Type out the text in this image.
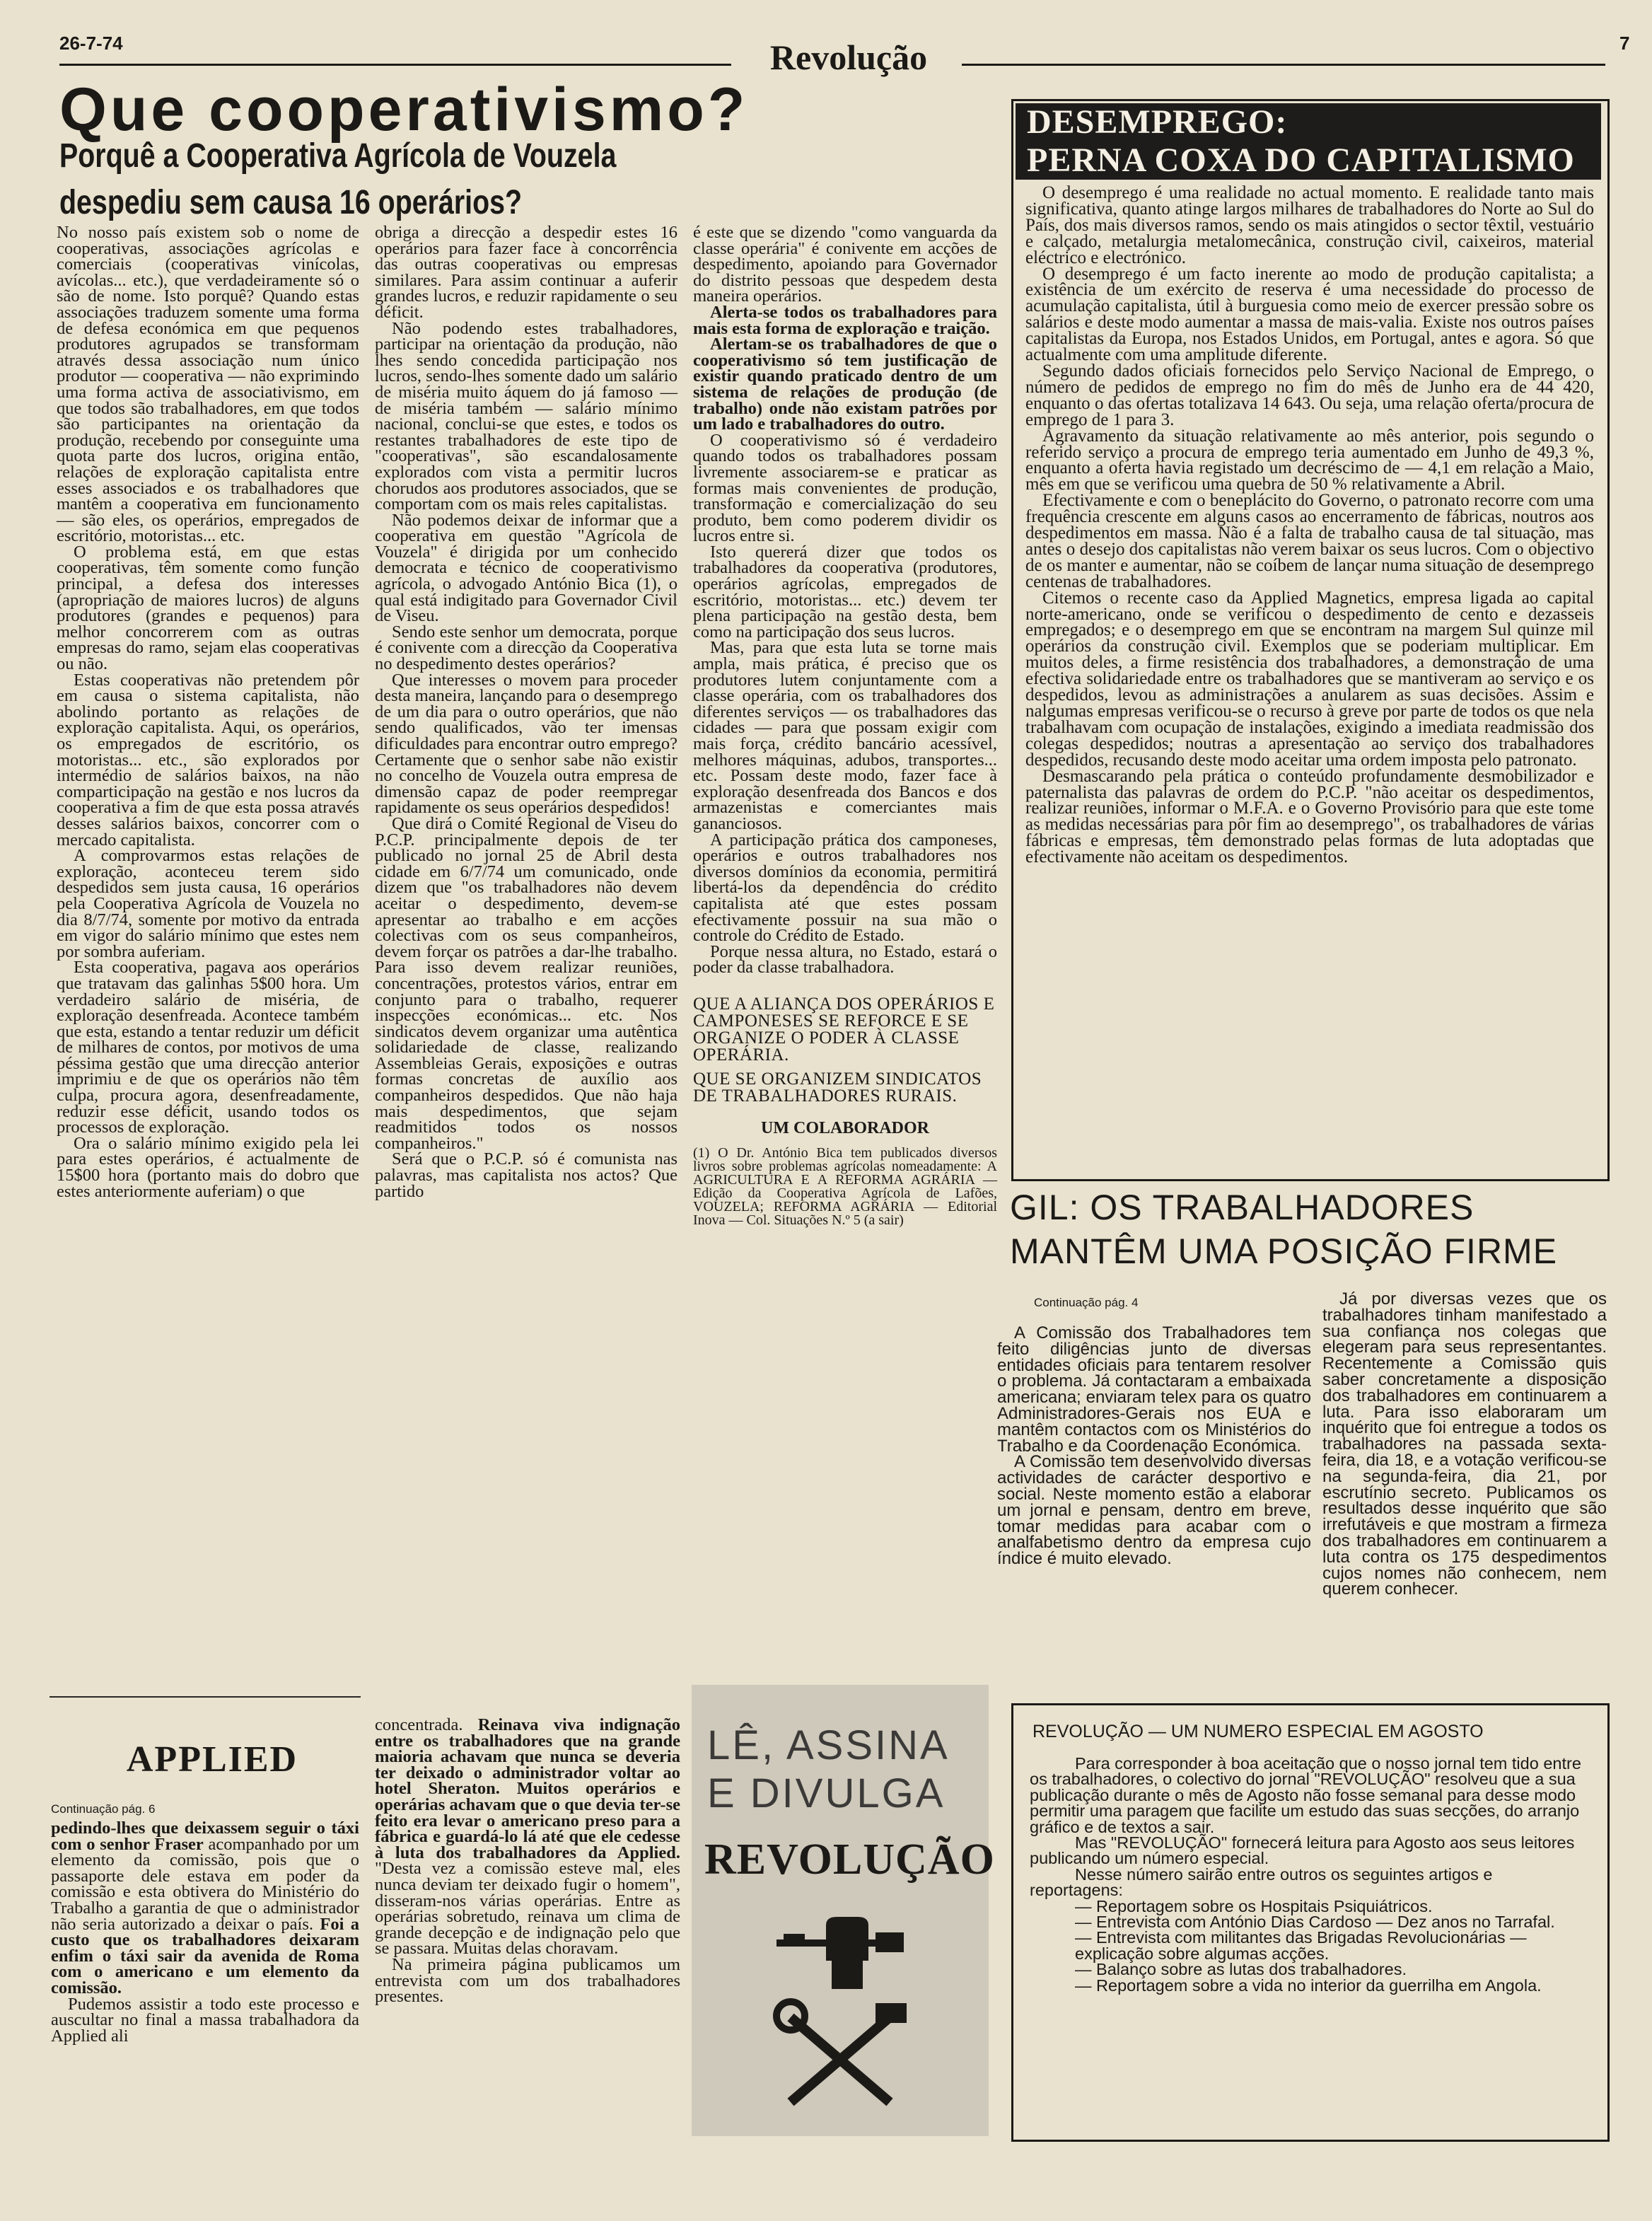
26-7-74	Revolução	7
Que cooperativismo?
Porquê a Cooperativa Agrícola de Vouzela
despediu sem causa 16 operários?

No nosso país existem sob o nome de cooperativas, associações agrícolas e comerciais (cooperativas vinícolas, avícolas... etc.), que verdadeiramente só o são de nome. Isto porquê? Quando estas associações traduzem somente uma forma de defesa económica em que pequenos produtores agrupados se transformam através dessa associação num único produtor — cooperativa — não exprimindo uma forma activa de associativismo, em que todos são trabalhadores, em que todos são participantes na orientação da produção, recebendo por conseguinte uma quota parte dos lucros, origina então, relações de exploração capitalista entre esses associados e os trabalhadores que mantêm a cooperativa em funcionamento — são eles, os operários, empregados de escritório, motoristas... etc.

O problema está, em que estas cooperativas, têm somente como função principal, a defesa dos interesses (apropriação de maiores lucros) de alguns produtores (grandes e pequenos) para melhor concorrerem com as outras empresas do ramo, sejam elas cooperativas ou não.

Estas cooperativas não pretendem pôr em causa o sistema capitalista, não abolindo portanto as relações de exploração capitalista. Aqui, os operários, os empregados de escritório, os motoristas... etc., são explorados por intermédio de salários baixos, na não comparticipação na gestão e nos lucros da cooperativa a fim de que esta possa através desses salários baixos, concorrer com o mercado capitalista.

A comprovarmos estas relações de exploração, aconteceu terem sido despedidos sem justa causa, 16 operários pela Cooperativa Agrícola de Vouzela no dia 8/7/74, somente por motivo da entrada em vigor do salário mínimo que estes nem por sombra auferiam.

Esta cooperativa, pagava aos operários que tratavam das galinhas 5$00 hora. Um verdadeiro salário de miséria, de exploração desenfreada. Acontece também que esta, estando a tentar reduzir um déficit de milhares de contos, por motivos de uma péssima gestão que uma direcção anterior imprimiu e de que os operários não têm culpa, procura agora, desenfreadamente, reduzir esse déficit, usando todos os processos de exploração.

Ora o salário mínimo exigido pela lei para estes operários, é actualmente de 15$00 hora (portanto mais do dobro que estes anteriormente auferiam) o que

obriga a direcção a despedir estes 16 operários para fazer face à concorrência das outras cooperativas ou empresas similares. Para assim continuar a auferir grandes lucros, e reduzir rapidamente o seu déficit.

Não podendo estes trabalhadores, participar na orientação da produção, não lhes sendo concedida participação nos lucros, sendo-lhes somente dado um salário de miséria muito áquem do já famoso — de miséria também — salário mínimo nacional, conclui-se que estes, e todos os restantes trabalhadores de este tipo de "cooperativas", são escandalosamente explorados com vista a permitir lucros chorudos aos produtores associados, que se comportam com os mais reles capitalistas.

Não podemos deixar de informar que a cooperativa em questão "Agrícola de Vouzela" é dirigida por um conhecido democrata e técnico de cooperativismo agrícola, o advogado António Bica (1), o qual está indigitado para Governador Civil de Viseu.

Sendo este senhor um democrata, porque é conivente com a direcção da Cooperativa no despedimento destes operários?

Que interesses o movem para proceder desta maneira, lançando para o desemprego de um dia para o outro operários, que não sendo qualificados, vão ter imensas dificuldades para encontrar outro emprego? Certamente que o senhor sabe não existir no concelho de Vouzela outra empresa de dimensão capaz de poder reempregar rapidamente os seus operários despedidos!

Que dirá o Comité Regional de Viseu do P.C.P. principalmente depois de ter publicado no jornal 25 de Abril desta cidade em 6/7/74 um comunicado, onde dizem que "os trabalhadores não devem aceitar o despedimento, devem-se apresentar ao trabalho e em acções colectivas com os seus companheiros, devem forçar os patrões a dar-lhe trabalho. Para isso devem realizar reuniões, concentrações, protestos vários, entrar em conjunto para o trabalho, requerer inspecções económicas... etc. Nos sindicatos devem organizar uma autêntica solidariedade de classe, realizando Assembleias Gerais, exposições e outras formas concretas de auxílio aos companheiros despedidos. Que não haja mais despedimentos, que sejam readmitidos todos os nossos companheiros."

Será que o P.C.P. só é comunista nas palavras, mas capitalista nos actos? Que partido

é este que se dizendo "como vanguarda da classe operária" é conivente em acções de despedimento, apoiando para Governador do distrito pessoas que despedem desta maneira operários.

Alerta-se todos os trabalhadores para mais esta forma de exploração e traição.

Alertam-se os trabalhadores de que o cooperativismo só tem justificação de existir quando praticado dentro de um sistema de relações de produção (de trabalho) onde não existam patrões por um lado e trabalhadores do outro.

O cooperativismo só é verdadeiro quando todos os trabalhadores possam livremente associarem-se e praticar as formas mais convenientes de produção, transformação e comercialização do seu produto, bem como poderem dividir os lucros entre si.

Isto quererá dizer que todos os trabalhadores da cooperativa (produtores, operários agrícolas, empregados de escritório, motoristas... etc.) devem ter plena participação na gestão desta, bem como na participação dos seus lucros.

Mas, para que esta luta se torne mais ampla, mais prática, é preciso que os produtores lutem conjuntamente com a classe operária, com os trabalhadores dos diferentes serviços — os trabalhadores das cidades — para que possam exigir com mais força, crédito bancário acessível, melhores máquinas, adubos, transportes... etc. Possam deste modo, fazer face à exploração desenfreada dos Bancos e dos armazenistas e comerciantes mais gananciosos.

A participação prática dos camponeses, operários e outros trabalhadores nos diversos domínios da economia, permitirá libertá-los da dependência do crédito capitalista até que estes possam efectivamente possuir na sua mão o controle do Crédito de Estado.

Porque nessa altura, no Estado, estará o poder da classe trabalhadora.

QUE A ALIANÇA DOS OPERÁRIOS E CAMPONESES SE REFORCE E SE ORGANIZE O PODER À CLASSE OPERÁRIA.

QUE SE ORGANIZEM SINDICATOS DE TRABALHADORES RURAIS.

UM COLABORADOR

(1) O Dr. António Bica tem publicados diversos livros sobre problemas agrícolas nomeadamente: A AGRICULTURA E A REFORMA AGRÁRIA — Edição da Cooperativa Agrícola de Lafões, VOUZELA; REFORMA AGRÁRIA — Editorial Inova — Col. Situações N.º 5 (a sair)

DESEMPREGO:
PERNA COXA DO CAPITALISMO

O desemprego é uma realidade no actual momento. E realidade tanto mais significativa, quanto atinge largos milhares de trabalhadores do Norte ao Sul do País, dos mais diversos ramos, sendo os mais atingidos o sector têxtil, vestuário e calçado, metalurgia metalomecânica, construção civil, caixeiros, material eléctrico e electrónico.

O desemprego é um facto inerente ao modo de produção capitalista; a existência de um exército de reserva é uma necessidade do processo de acumulação capitalista, útil à burguesia como meio de exercer pressão sobre os salários e deste modo aumentar a massa de mais-valia. Existe nos outros países capitalistas da Europa, nos Estados Unidos, em Portugal, antes e agora. Só que actualmente com uma amplitude diferente.

Segundo dados oficiais fornecidos pelo Serviço Nacional de Emprego, o número de pedidos de emprego no fim do mês de Junho era de 44 420, enquanto o das ofertas totalizava 14 643. Ou seja, uma relação oferta/procura de emprego de 1 para 3.

Agravamento da situação relativamente ao mês anterior, pois segundo o referido serviço a procura de emprego teria aumentado em Junho de 49,3 %, enquanto a oferta havia registado um decréscimo de — 4,1 em relação a Maio, mês em que se verificou uma quebra de 50 % relativamente a Abril.

Efectivamente e com o beneplácito do Governo, o patronato recorre com uma frequência crescente em alguns casos ao encerramento de fábricas, noutros aos despedimentos em massa. Não é a falta de trabalho causa de tal situação, mas antes o desejo dos capitalistas não verem baixar os seus lucros. Com o objectivo de os manter e aumentar, não se coíbem de lançar numa situação de desemprego centenas de trabalhadores.

Citemos o recente caso da Applied Magnetics, empresa ligada ao capital norte-americano, onde se verificou o despedimento de cento e dezasseis empregados; e o desemprego em que se encontram na margem Sul quinze mil operários da construção civil. Exemplos que se poderiam multiplicar. Em muitos deles, a firme resistência dos trabalhadores, a demonstração de uma efectiva solidariedade entre os trabalhadores que se mantiveram ao serviço e os despedidos, levou as administrações a anularem as suas decisões. Assim e nalgumas empresas verificou-se o recurso à greve por parte de todos os que nela trabalhavam com ocupação de instalações, exigindo a imediata readmissão dos colegas despedidos; noutras a apresentação ao serviço dos trabalhadores despedidos, recusando deste modo aceitar uma ordem imposta pelo patronato.

Desmascarando pela prática o conteúdo profundamente desmobilizador e paternalista das palavras de ordem do P.C.P. "não aceitar os despedimentos, realizar reuniões, informar o M.F.A. e o Governo Provisório para que este tome as medidas necessárias para pôr fim ao desemprego", os trabalhadores de várias fábricas e empresas, têm demonstrado pelas formas de luta adoptadas que efectivamente não aceitam os despedimentos.

GIL: OS TRABALHADORES
MANTÊM UMA POSIÇÃO FIRME
Continuação pág. 4

A Comissão dos Trabalhadores tem feito diligências junto de diversas entidades oficiais para tentarem resolver o problema. Já contactaram a embaixada americana; enviaram telex para os quatro Administradores-Gerais nos EUA e mantêm contactos com os Ministérios do Trabalho e da Coordenação Económica.

A Comissão tem desenvolvido diversas actividades de carácter desportivo e social. Neste momento estão a elaborar um jornal e pensam, dentro em breve, tomar medidas para acabar com o analfabetismo dentro da empresa cujo índice é muito elevado.

Já por diversas vezes que os trabalhadores tinham manifestado a sua confiança nos colegas que elegeram para seus representantes. Recentemente a Comissão quis saber concretamente a disposição dos trabalhadores em continuarem a luta. Para isso elaboraram um inquérito que foi entregue a todos os trabalhadores na passada sexta-feira, dia 18, e a votação verificou-se na segunda-feira, dia 21, por escrutínio secreto. Publicamos os resultados desse inquérito que são irrefutáveis e que mostram a firmeza dos trabalhadores em continuarem a luta contra os 175 despedimentos cujos nomes não conhecem, nem querem conhecer.

APPLIED
Continuação pág. 6

pedindo-lhes que deixassem seguir o táxi com o senhor Fraser acompanhado por um elemento da comissão, pois que o passaporte dele estava em poder da comissão e esta obtivera do Ministério do Trabalho a garantia de que o administrador não seria autorizado a deixar o país. Foi a custo que os trabalhadores deixaram enfim o táxi sair da avenida de Roma com o americano e um elemento da comissão.

Pudemos assistir a todo este processo e auscultar no final a massa trabalhadora da Applied ali

concentrada. Reinava viva indignação entre os trabalhadores que na grande maioria achavam que nunca se deveria ter deixado o administrador voltar ao hotel Sheraton. Muitos operários e operárias achavam que o que devia ter-se feito era levar o americano preso para a fábrica e guardá-lo lá até que ele cedesse à luta dos trabalhadores da Applied. "Desta vez a comissão esteve mal, eles nunca deviam ter deixado fugir o homem", disseram-nos várias operárias. Entre as operárias sobretudo, reinava um clima de grande decepção e de indignação pelo que se passara. Muitas delas choravam.

Na primeira página publicamos um entrevista com um dos trabalhadores presentes.

LÊ, ASSINA
E DIVULGA
REVOLUÇÃO
REVOLUÇÃO — UM NUMERO ESPECIAL EM AGOSTO

Para corresponder à boa aceitação que o nosso jornal tem tido entre os trabalhadores, o colectivo do jornal "REVOLUÇÃO" resolveu que a sua publicação durante o mês de Agosto não fosse semanal para desse modo permitir uma paragem que facilite um estudo das suas secções, do arranjo gráfico e de textos a sair.

Mas "REVOLUÇÃO" fornecerá leitura para Agosto aos seus leitores publicando um número especial.

Nesse número sairão entre outros os seguintes artigos e reportagens:

— Reportagem sobre os Hospitais Psiquiátricos.

— Entrevista com António Dias Cardoso — Dez anos no Tarrafal.

— Entrevista com militantes das Brigadas Revolucionárias — explicação sobre algumas acções.

— Balanço sobre as lutas dos trabalhadores.

— Reportagem sobre a vida no interior da guerrilha em Angola.
